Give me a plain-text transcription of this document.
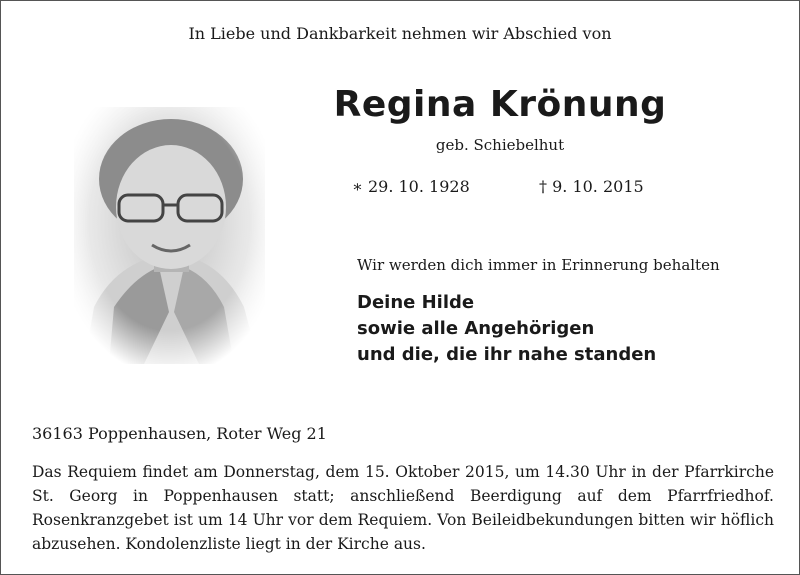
In Liebe und Dankbarkeit nehmen wir Abschied von
Regina Krönung
geb. Schiebelhut
∗ 29. 10. 1928	† 9. 10. 2015
Wir werden dich immer in Erinnerung behalten
Deine Hilde
sowie alle Angehörigen
und die, die ihr nahe standen
36163 Poppenhausen, Roter Weg 21
Das Requiem findet am Donnerstag, dem 15. Oktober 2015, um 14.30 Uhr in der Pfarrkirche St. Georg in Poppenhausen statt; anschließend Beerdigung auf dem Pfarrfriedhof. Rosenkranzgebet ist um 14 Uhr vor dem Requiem. Von Beileidbekundungen bitten wir höflich abzusehen. Kondolenzliste liegt in der Kirche aus.
